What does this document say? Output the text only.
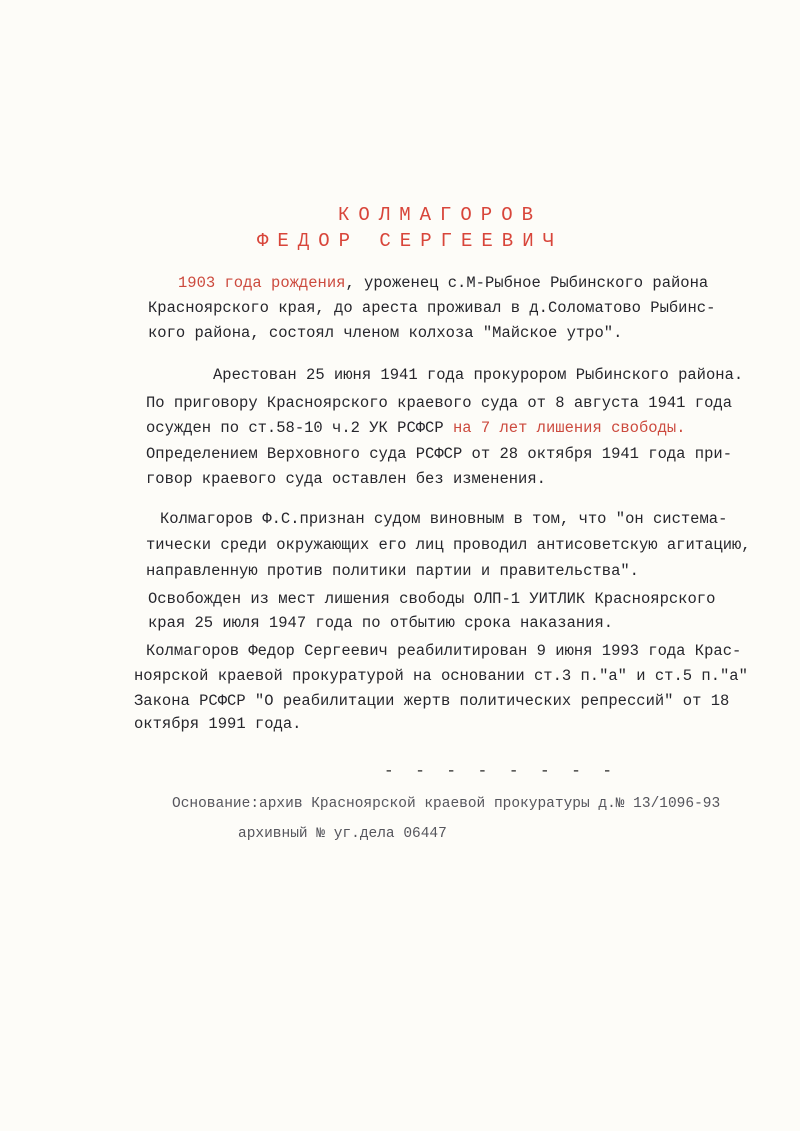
КОЛМАГОРОВ
ФЕДОР СЕРГЕЕВИЧ
1903 года рождения, уроженец с.М-Рыбное Рыбинского района
Красноярского края, до ареста проживал в д.Соломатово Рыбинс-
кого района, состоял членом колхоза "Майское утро".
Арестован 25 июня 1941 года прокурором Рыбинского района.
По приговору Красноярского краевого суда от 8 августа 1941 года
осужден по ст.58-10 ч.2 УК РСФСР на 7 лет лишения свободы.
Определением Верховного суда РСФСР от 28 октября 1941 года при-
говор краевого суда оставлен без изменения.
Колмагоров Ф.С.признан судом виновным в том, что "он система-
тически среди окружающих его лиц проводил антисоветскую агитацию,
направленную против политики партии и правительства".
Освобожден из мест лишения свободы ОЛП-1 УИТЛИК Красноярского
края 25 июля 1947 года по отбытию срока наказания.
Колмагоров Федор Сергеевич реабилитирован 9 июня 1993 года Крас-
ноярской краевой прокуратурой на основании ст.3 п."а" и ст.5 п."а"
Закона РСФСР "О реабилитации жертв политических репрессий" от 18
октября 1991 года.
- - - - - - - -
Основание:архив Красноярской краевой прокуратуры д.№ 13/1096-93
архивный № уг.дела 06447
